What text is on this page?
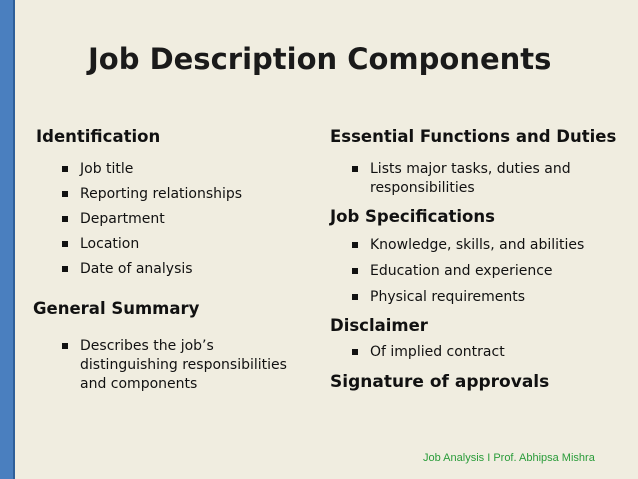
Job Description Components
Identification
Job title
Reporting relationships
Department
Location
Date of analysis
General Summary
Describes the job’s distinguishing responsibilities and components
Essential Functions and Duties
Lists major tasks, duties and responsibilities
Job Specifications
Knowledge, skills, and abilities
Education and experience
Physical requirements
Disclaimer
Of implied contract
Signature of approvals
Job Analysis I Prof. Abhipsa Mishra
